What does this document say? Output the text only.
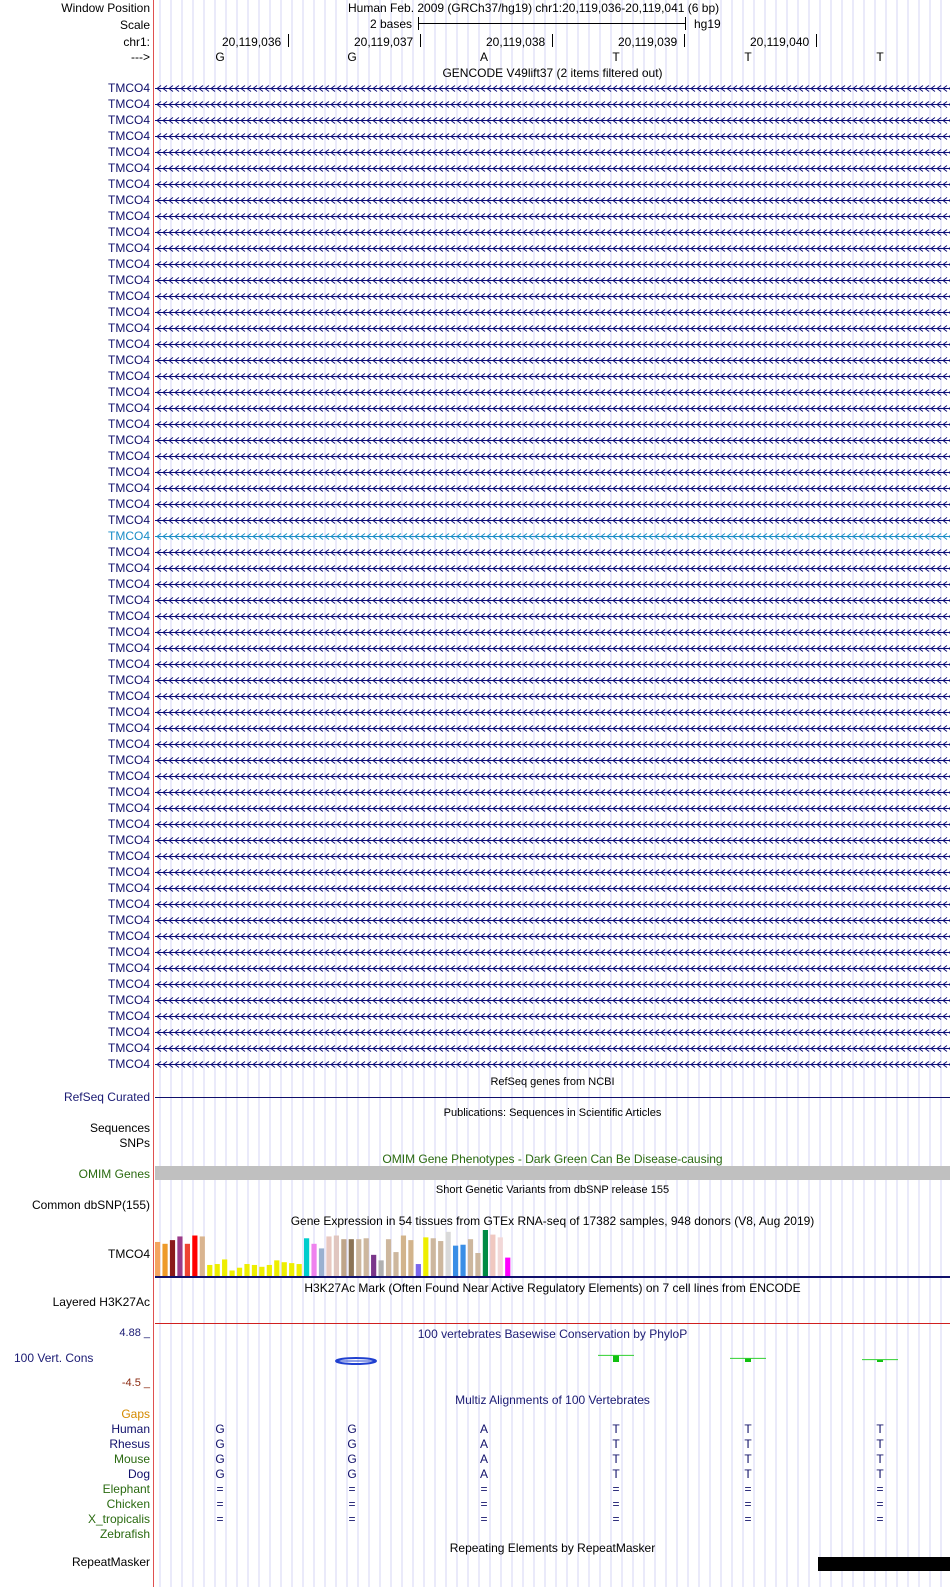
Window Position	Human Feb. 2009 (GRCh37/hg19) chr1:20,119,036-20,119,041 (6 bp)
Scale	2 bases	hg19
chr1:	20,119,036	20,119,037	20,119,038	20,119,039	20,119,040
--->	G	G	A	T	T	T
GENCODE V49lift37 (2 items filtered out)
TMCO4
TMCO4
TMCO4
TMCO4
TMCO4
TMCO4
TMCO4
TMCO4
TMCO4
TMCO4
TMCO4
TMCO4
TMCO4
TMCO4
TMCO4
TMCO4
TMCO4
TMCO4
TMCO4
TMCO4
TMCO4
TMCO4
TMCO4
TMCO4
TMCO4
TMCO4
TMCO4
TMCO4
TMCO4
TMCO4
TMCO4
TMCO4
TMCO4
TMCO4
TMCO4
TMCO4
TMCO4
TMCO4
TMCO4
TMCO4
TMCO4
TMCO4
TMCO4
TMCO4
TMCO4
TMCO4
TMCO4
TMCO4
TMCO4
TMCO4
TMCO4
TMCO4
TMCO4
TMCO4
TMCO4
TMCO4
TMCO4
TMCO4
TMCO4
TMCO4
TMCO4
TMCO4
RefSeq genes from NCBI
RefSeq Curated
Publications: Sequences in Scientific Articles
Sequences
SNPs
OMIM Gene Phenotypes - Dark Green Can Be Disease-causing
OMIM Genes
Short Genetic Variants from dbSNP release 155
Common dbSNP(155)
Gene Expression in 54 tissues from GTEx RNA-seq of 17382 samples, 948 donors (V8, Aug 2019)
TMCO4
H3K27Ac Mark (Often Found Near Active Regulatory Elements) on 7 cell lines from ENCODE
Layered H3K27Ac
100 vertebrates Basewise Conservation by PhyloP
4.88 _
100 Vert. Cons
-4.5 _
Multiz Alignments of 100 Vertebrates
Gaps
Human	G	G	A	T	T	T
Rhesus	G	G	A	T	T	T
Mouse	G	G	A	T	T	T
Dog	G	G	A	T	T	T
Elephant	=	=	=	=	=	=
Chicken	=	=	=	=	=	=
X_tropicalis	=	=	=	=	=	=
Zebrafish
Repeating Elements by RepeatMasker
RepeatMasker
